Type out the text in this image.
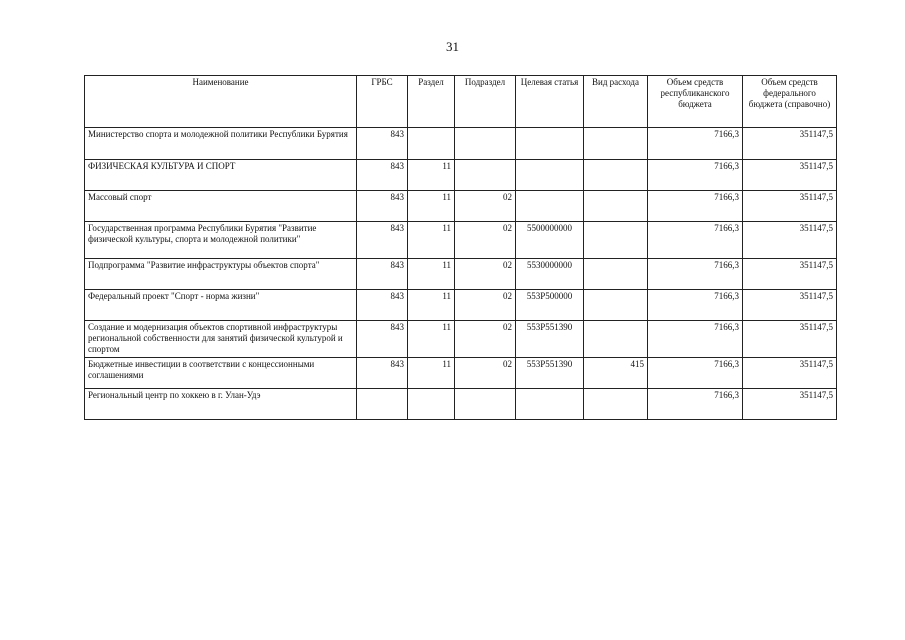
31
Наименование	ГРБС	Раздел	Подраздел	Целевая статья	Вид расхода	Объем средств республиканского бюджета	Объем средств федерального бюджета (справочно)
Министерство спорта и молодежной политики Республики Бурятия	843					7166,3	351147,5
ФИЗИЧЕСКАЯ КУЛЬТУРА И СПОРТ	843	11				7166,3	351147,5
Массовый спорт	843	11	02			7166,3	351147,5
Государственная программа Республики Бурятия "Развитие физической культуры, спорта и молодежной политики"	843	11	02	5500000000		7166,3	351147,5
Подпрограмма "Развитие инфраструктуры объектов спорта"	843	11	02	5530000000		7166,3	351147,5
Федеральный проект "Спорт - норма жизни"	843	11	02	553P500000		7166,3	351147,5
Создание и модернизация объектов спортивной инфраструктуры региональной собственности для занятий физической культурой и спортом	843	11	02	553P551390		7166,3	351147,5
Бюджетные инвестиции в соответствии с концессионными соглашениями	843	11	02	553P551390	415	7166,3	351147,5
Региональный центр по хоккею в г. Улан-Удэ						7166,3	351147,5
